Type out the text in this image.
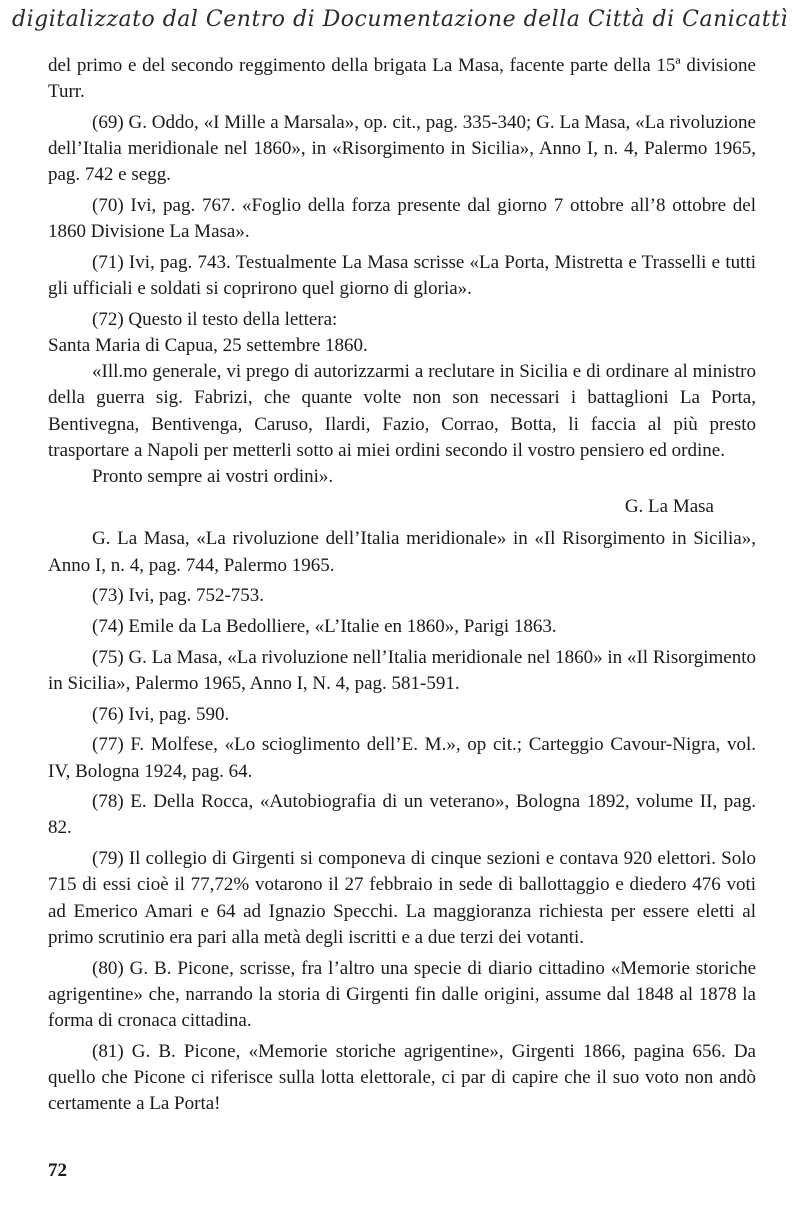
digitalizzato dal Centro di Documentazione della Città di Canicattì

del primo e del secondo reggimento della brigata La Masa, facente parte della 15ª divisione Turr.

(69) G. Oddo, «I Mille a Marsala», op. cit., pag. 335-340; G. La Masa, «La rivoluzione dell’Italia meridionale nel 1860», in «Risorgimento in Sicilia», Anno I, n. 4, Palermo 1965, pag. 742 e segg.

(70) Ivi, pag. 767. «Foglio della forza presente dal giorno 7 ottobre all’8 ottobre del 1860 Divisione La Masa».

(71) Ivi, pag. 743. Testualmente La Masa scrisse «La Porta, Mistretta e Trasselli e tutti gli ufficiali e soldati si coprirono quel giorno di gloria».

(72) Questo il testo della lettera:

Santa Maria di Capua, 25 settembre 1860.

«Ill.mo generale, vi prego di autorizzarmi a reclutare in Sicilia e di ordinare al ministro della guerra sig. Fabrizi, che quante volte non son necessari i battaglioni La Porta, Bentivegna, Bentivenga, Caruso, Ilardi, Fazio, Corrao, Botta, li faccia al più presto trasportare a Napoli per metterli sotto ai miei ordini secondo il vostro pensiero ed ordine.

Pronto sempre ai vostri ordini».

G. La Masa

G. La Masa, «La rivoluzione dell’Italia meridionale» in «Il Risorgimento in Sicilia», Anno I, n. 4, pag. 744, Palermo 1965.

(73) Ivi, pag. 752-753.

(74) Emile da La Bedolliere, «L’Italie en 1860», Parigi 1863.

(75) G. La Masa, «La rivoluzione nell’Italia meridionale nel 1860» in «Il Risorgimento in Sicilia», Palermo 1965, Anno I, N. 4, pag. 581-591.

(76) Ivi, pag. 590.

(77) F. Molfese, «Lo scioglimento dell’E. M.», op cit.; Carteggio Cavour-Nigra, vol. IV, Bologna 1924, pag. 64.

(78) E. Della Rocca, «Autobiografia di un veterano», Bologna 1892, volume II, pag. 82.

(79) Il collegio di Girgenti si componeva di cinque sezioni e contava 920 elettori. Solo 715 di essi cioè il 77,72% votarono il 27 febbraio in sede di ballottaggio e diedero 476 voti ad Emerico Amari e 64 ad Ignazio Specchi. La maggioranza richiesta per essere eletti al primo scrutinio era pari alla metà degli iscritti e a due terzi dei votanti.

(80) G. B. Picone, scrisse, fra l’altro una specie di diario cittadino «Memorie storiche agrigentine» che, narrando la storia di Girgenti fin dalle origini, assume dal 1848 al 1878 la forma di cronaca cittadina.

(81) G. B. Picone, «Memorie storiche agrigentine», Girgenti 1866, pagina 656. Da quello che Picone ci riferisce sulla lotta elettorale, ci par di capire che il suo voto non andò certamente a La Porta!

72
